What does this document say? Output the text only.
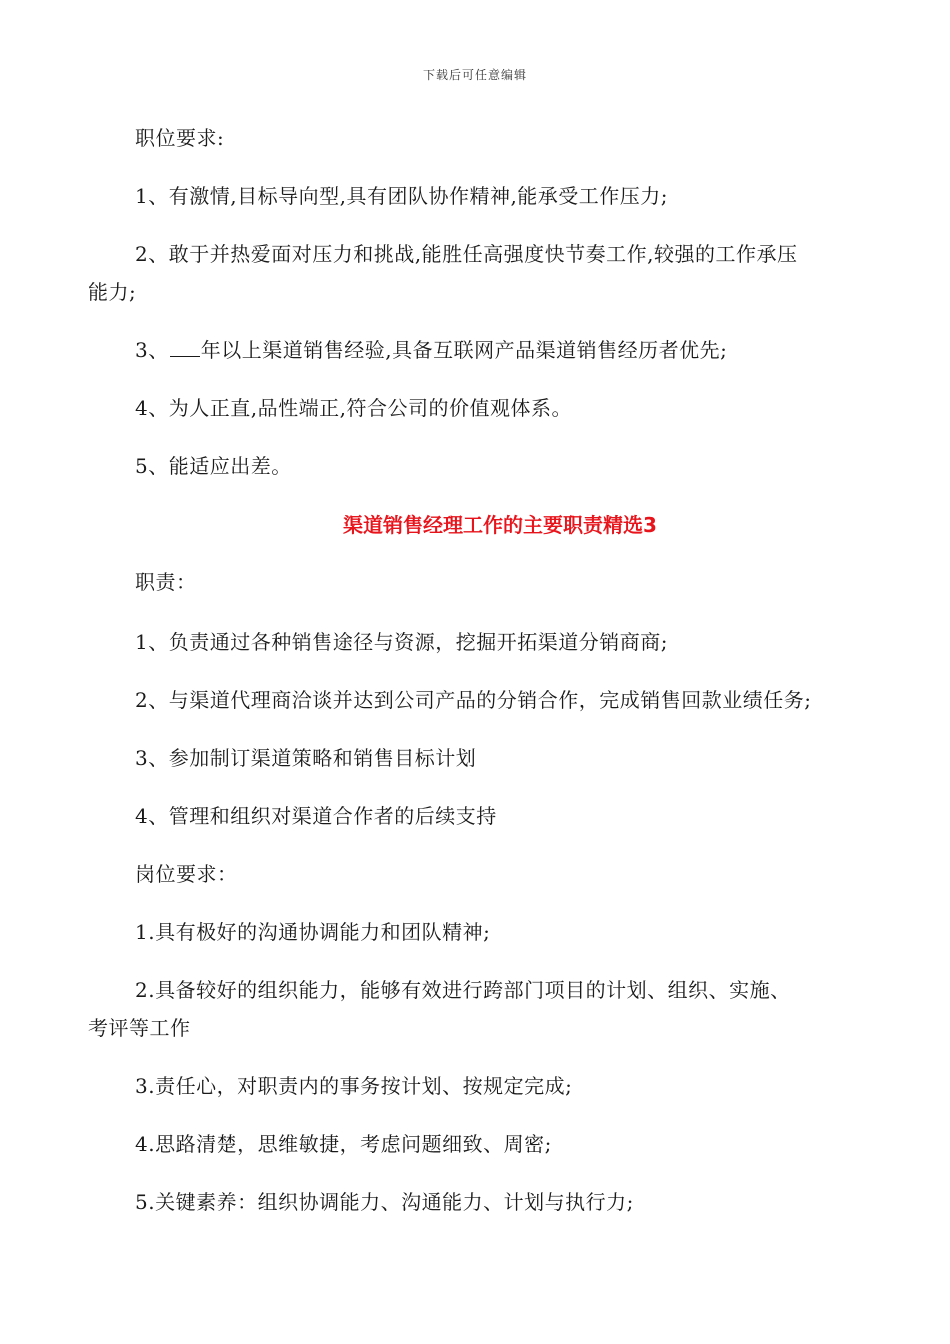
下载后可任意编辑
职位要求:
1、有激情,目标导向型,具有团队协作精神,能承受工作压力;
2、敢于并热爱面对压力和挑战,能胜任高强度快节奏工作,较强的工作承压
能力;
3、 年以上渠道销售经验,具备互联网产品渠道销售经历者优先;
4、为人正直,品性端正,符合公司的价值观体系。
5、能适应出差。
渠道销售经理工作的主要职责精选3
职责：
1、负责通过各种销售途径与资源，挖掘开拓渠道分销商商;
2、与渠道代理商洽谈并达到公司产品的分销合作，完成销售回款业绩任务;
3、参加制订渠道策略和销售目标计划
4、管理和组织对渠道合作者的后续支持
岗位要求：
1.具有极好的沟通协调能力和团队精神;
2.具备较好的组织能力，能够有效进行跨部门项目的计划、组织、实施、
考评等工作
3.责任心，对职责内的事务按计划、按规定完成;
4.思路清楚，思维敏捷，考虑问题细致、周密;
5.关键素养：组织协调能力、沟通能力、计划与执行力;
